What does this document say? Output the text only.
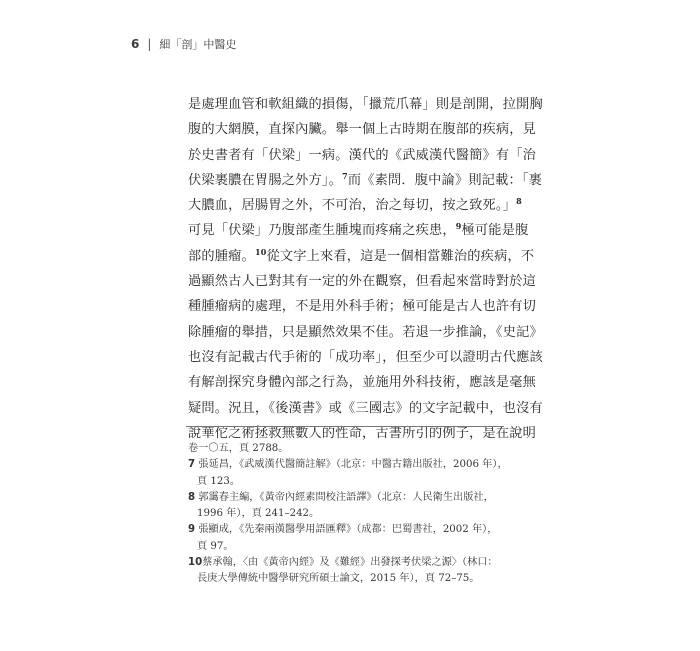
6 | 細「剖」中醫史
是處理血管和軟組織的損傷，「擸荒爪幕」則是剖開，拉開胸
腹的大網膜，直探內臟。舉一個上古時期在腹部的疾病，見
於史書者有「伏梁」一病。漢代的《武威漢代醫簡》有「治
伏梁裹膿在胃腸之外方」。$^7$而《素問．腹中論》則記載：「裹
大膿血，居腸胃之外，不可治，治之每切，按之致死。」$^8$
可見「伏梁」乃腹部產生腫塊而疼痛之疾患，$^9$極可能是腹
部的腫瘤。$^{10}$從文字上來看，這是一個相當難治的疾病，不
過顯然古人已對其有一定的外在觀察，但看起來當時對於這
種腫瘤病的處理，不是用外科手術；極可能是古人也許有切
除腫瘤的舉措，只是顯然效果不佳。若退一步推論，《史記》
也沒有記載古代手術的「成功率」，但至少可以證明古代應該
有解剖探究身體內部之行為，並施用外科技術，應該是毫無
疑問。況且，《後漢書》或《三國志》的文字記載中，也沒有
說華佗之術拯救無數人的性命，古書所引的例子，是在說明
卷一〇五，頁 2788。
7 張延昌，《武威漢代醫簡註解》（北京：中醫古籍出版社，2006 年），
頁 123。
8 郭靄春主編，《黃帝內經素問校注語譯》（北京：人民衛生出版社，
1996 年），頁 241–242。
9 張顯成，《先秦兩漢醫學用語匯釋》（成都：巴蜀書社，2002 年），
頁 97。
10蔡承翰，〈由《黃帝內經》及《難經》出發探考伏梁之源〉（林口：
長庚大學傳統中醫學研究所碩士論文，2015 年），頁 72–75。
